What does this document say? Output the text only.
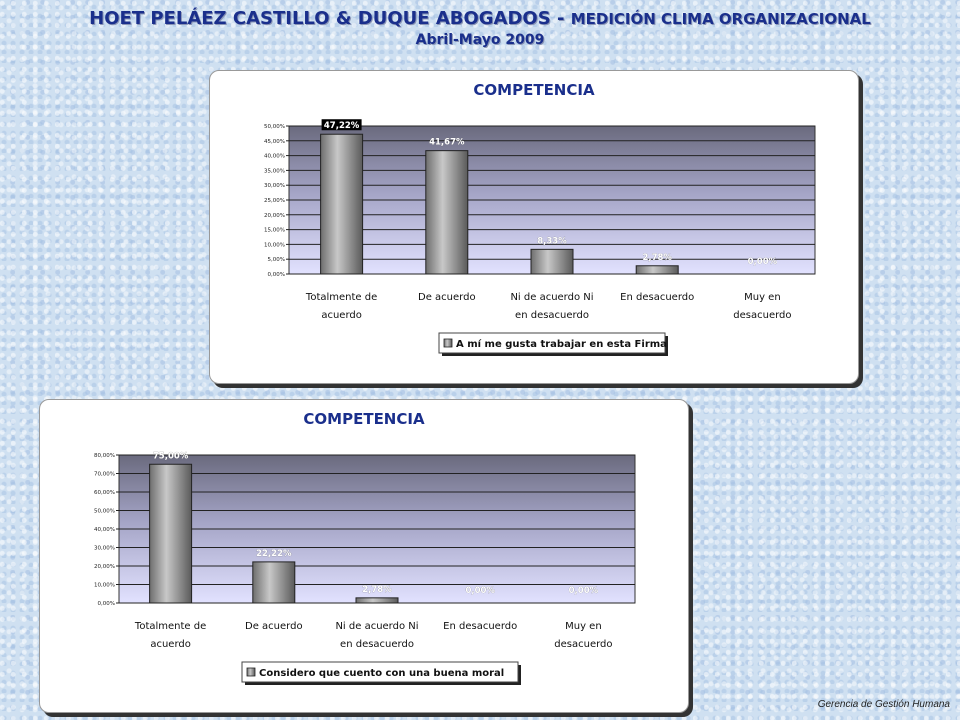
HOET PELÁEZ CASTILLO & DUQUE ABOGADOS - MEDICIÓN CLIMA ORGANIZACIONAL
Abril-Mayo 2009
COMPETENCIA
0,00%
5,00%
10,00%
15,00%
20,00%
25,00%
30,00%
35,00%
40,00%
45,00%
50,00%	47,22%
Totalmente de
acuerdo
41,67%
De acuerdo
8,33%
Ni de acuerdo Ni
en desacuerdo
2,78%
En desacuerdo
0,00%
Muy en
desacuerdo
A mí me gusta trabajar en esta Firma
COMPETENCIA
0,00%
10,00%
20,00%
30,00%
40,00%
50,00%
60,00%
70,00%
80,00%	75,00%
Totalmente de
acuerdo
22,22%
De acuerdo
2,78%
Ni de acuerdo Ni
en desacuerdo
0,00%
En desacuerdo
0,00%
Muy en
desacuerdo
Considero que cuento con una buena moral
Gerencia de Gestión Humana
